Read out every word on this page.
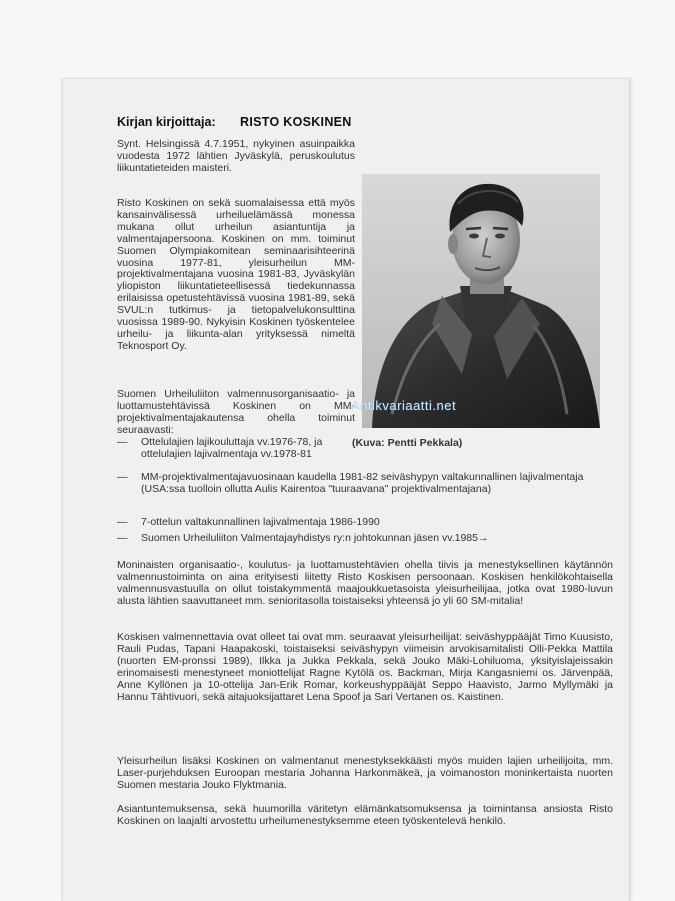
Kirjan kirjoittaja: RISTO KOSKINEN

Synt. Helsingissä 4.7.1951, nykyinen asuinpaikka vuodesta 1972 lähtien Jyväskylä, peruskoulutus liikuntatieteiden maisteri.

Risto Koskinen on sekä suomalaisessa että myös kansainvälisessä urheiluelämässä monessa mukana ollut urheilun asiantuntija ja valmentajapersoona. Koskinen on mm. toiminut Suomen Olympiakomitean seminaarisihteerinä vuosina 1977-81, yleisurheilun MM-projektivalmentajana vuosina 1981-83, Jyväskylän yliopiston liikuntatieteellisessä tiedekunnassa erilaisissa opetustehtävissä vuosina 1981-89, sekä SVUL:n tutkimus- ja tietopalvelukonsulttina vuosissa 1989-90. Nykyisin Koskinen työskentelee urheilu- ja liikunta-alan yrityksessä nimeltä Teknosport Oy.

Suomen Urheiluliiton valmennusorganisaatio- ja luottamustehtävissä Koskinen on MM-projektivalmentajakautensa ohella toiminut seuraavasti:

— Ottelulajien lajikouluttaja vv.1976-78, ja ottelulajien lajivalmentaja vv.1978-81
— MM-projektivalmentajavuosinaan kaudella 1981-82 seiväshypyn valtakunnallinen lajivalmentaja (USA:ssa tuolloin ollutta Aulis Kairentoa "tuuraavana" projektivalmentajana)
— 7-ottelun valtakunnallinen lajivalmentaja 1986-1990
— Suomen Urheiluliiton Valmentajayhdistys ry:n johtokunnan jäsen vv.1985→

Moninaisten organisaatio-, koulutus- ja luottamustehtävien ohella tiivis ja menestyksellinen käytännön valmennustoiminta on aina erityisesti liitetty Risto Koskisen persoonaan. Koskisen henkilökohtaisella valmennusvastuulla on ollut toistakymmentä maajoukkuetasoista yleisurheilijaa, jotka ovat 1980-luvun alusta lähtien saavuttaneet mm. senioritasolla toistaiseksi yhteensä jo yli 60 SM-mitalia!

Koskisen valmennettavia ovat olleet tai ovat mm. seuraavat yleisurheilijat: seiväshyppääjät Timo Kuusisto, Rauli Pudas, Tapani Haapakoski, toistaiseksi seiväshypyn viimeisin arvokisamitalisti Olli-Pekka Mattila (nuorten EM-pronssi 1989), Ilkka ja Jukka Pekkala, sekä Jouko Mäki-Lohiluoma, yksityislajeissakin erinomaisesti menestyneet moniottelijat Ragne Kytölä os. Backman, Mirja Kangasniemi os. Järvenpää, Anne Kyllönen ja 10-ottelija Jan-Erik Romar, korkeushyppääjät Seppo Haavisto, Jarmo Myllymäki ja Hannu Tähtivuori, sekä aitajuoksijattaret Lena Spoof ja Sari Vertanen os. Kaistinen.

Yleisurheilun lisäksi Koskinen on valmentanut menestyksekkäästi myös muiden lajien urheilijoita, mm. Laser-purjehduksen Euroopan mestaria Johanna Harkonmäkeä, ja voimanoston moninkertaista nuorten Suomen mestaria Jouko Flyktmania.

Asiantuntemuksensa, sekä huumorilla väritetyn elämänkatsomuksensa ja toimintansa ansiosta Risto Koskinen on laajalti arvostettu urheilumenestyksemme eteen työskentelevä henkilö.

Antikvariaatti.net
(Kuva: Pentti Pekkala)
